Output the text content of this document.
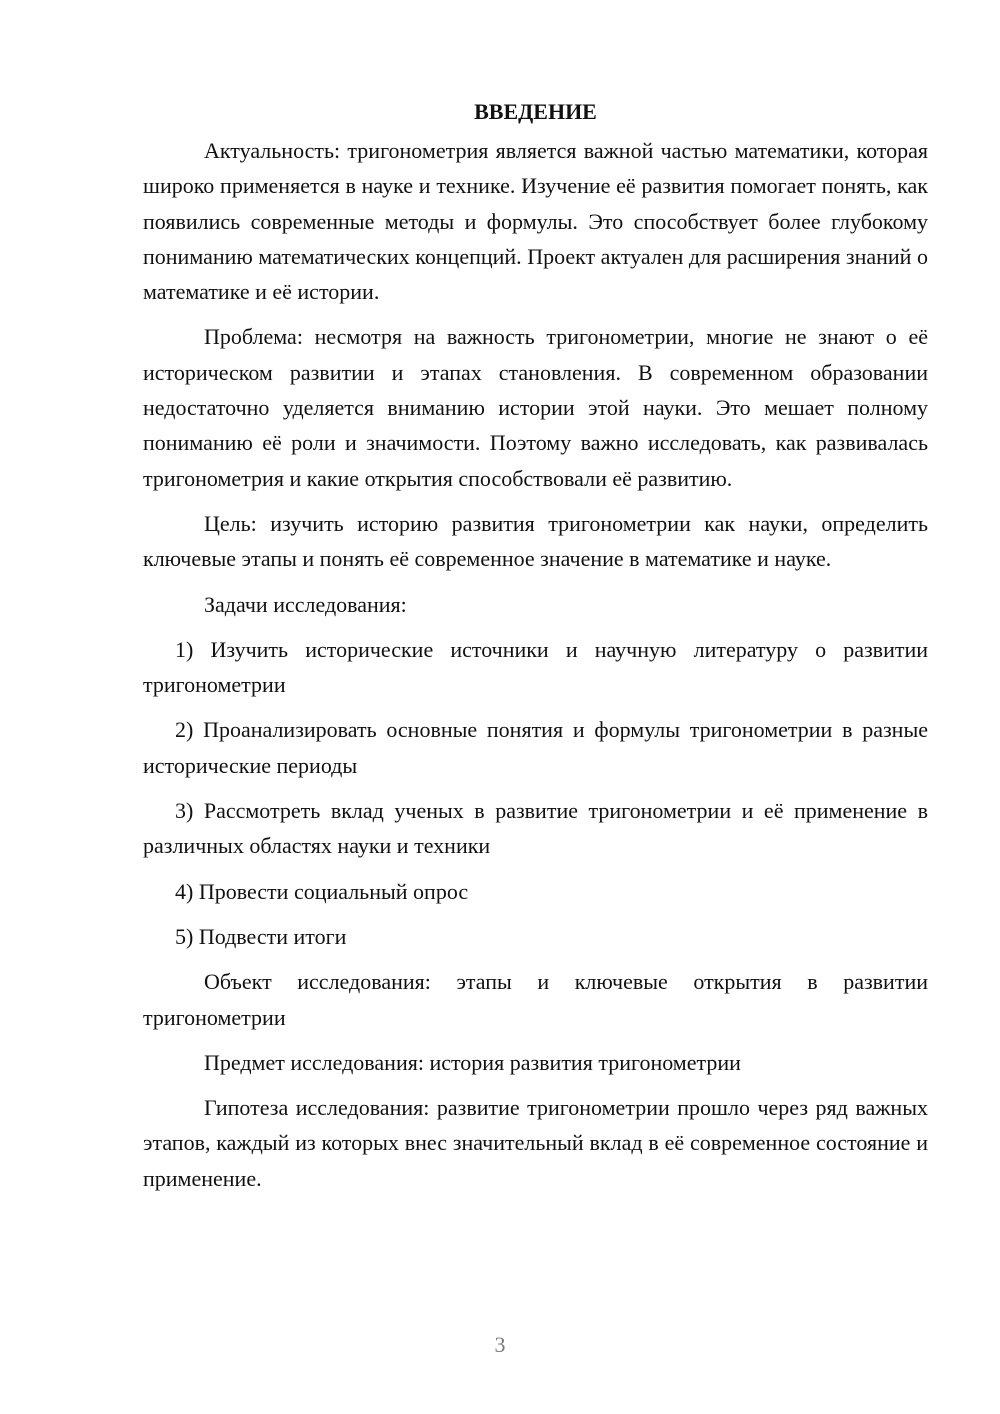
ВВЕДЕНИЕ

Актуальность: тригонометрия является важной частью математики, которая широко применяется в науке и технике. Изучение её развития помогает понять, как появились современные методы и формулы. Это способствует более глубокому пониманию математических концепций. Проект актуален для расширения знаний о математике и её истории.

Проблема: несмотря на важность тригонометрии, многие не знают о её историческом развитии и этапах становления. В современном образовании недостаточно уделяется вниманию истории этой науки. Это мешает полному пониманию её роли и значимости. Поэтому важно исследовать, как развивалась тригонометрия и какие открытия способствовали её развитию.

Цель: изучить историю развития тригонометрии как науки, определить ключевые этапы и понять её современное значение в математике и науке.

Задачи исследования:

1) Изучить исторические источники и научную литературу о развитии тригонометрии

2) Проанализировать основные понятия и формулы тригонометрии в разные исторические периоды

3) Рассмотреть вклад ученых в развитие тригонометрии и её применение в различных областях науки и техники

4) Провести социальный опрос

5) Подвести итоги

Объект исследования: этапы и ключевые открытия в развитии тригонометрии

Предмет исследования: история развития тригонометрии

Гипотеза исследования: развитие тригонометрии прошло через ряд важных этапов, каждый из которых внес значительный вклад в её современное состояние и применение.

3
